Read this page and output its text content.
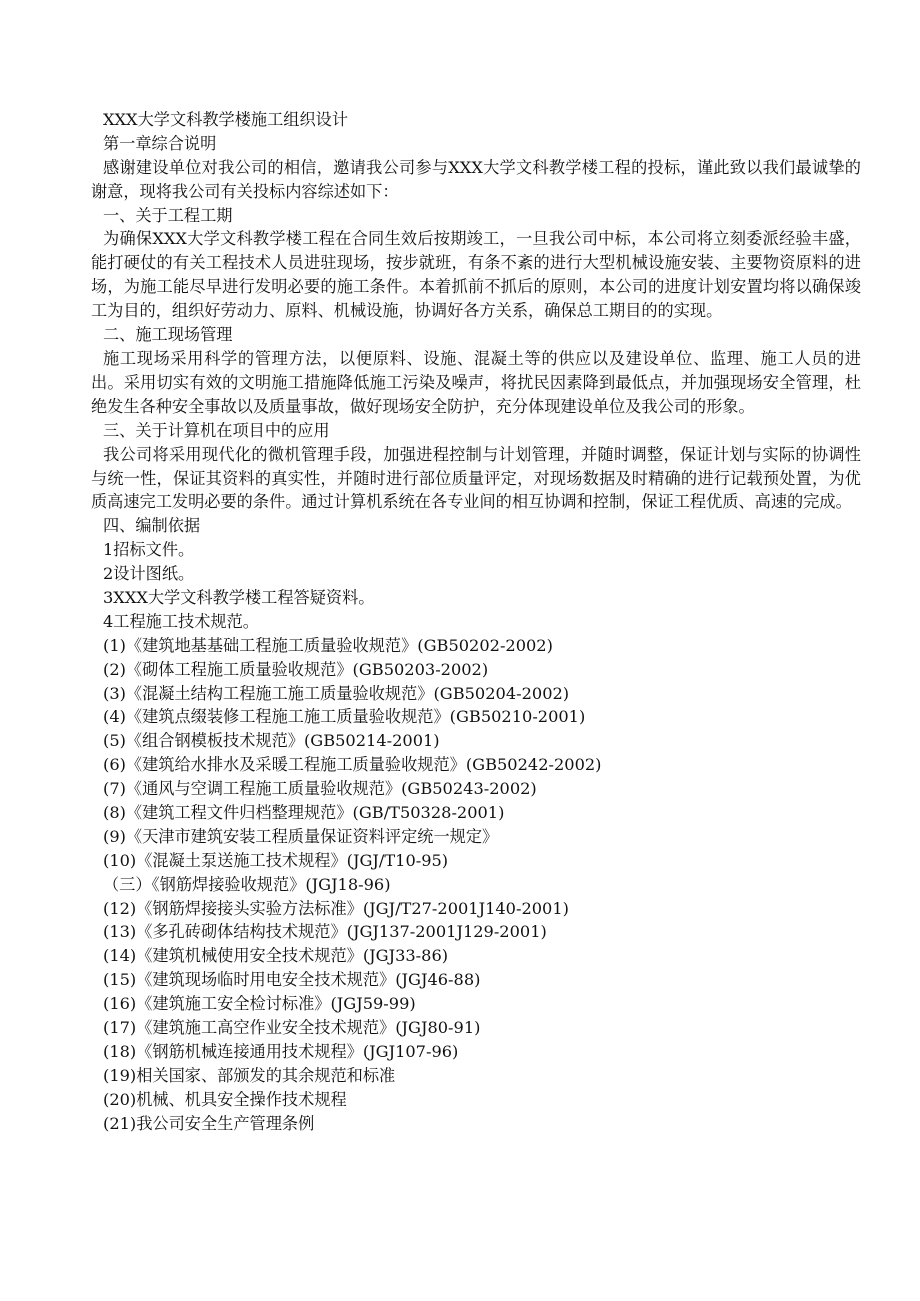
XXX大学文科教学楼施工组织设计
第一章综合说明
感谢建设单位对我公司的相信，邀请我公司参与XXX大学文科教学楼工程的投标，谨此致以我们最诚挚的谢意，现将我公司有关投标内容综述如下：
一、关于工程工期
为确保XXX大学文科教学楼工程在合同生效后按期竣工，一旦我公司中标，本公司将立刻委派经验丰盛，能打硬仗的有关工程技术人员进驻现场，按步就班，有条不紊的进行大型机械设施安装、主要物资原料的进场，为施工能尽早进行发明必要的施工条件。本着抓前不抓后的原则，本公司的进度计划安置均将以确保竣工为目的，组织好劳动力、原料、机械设施，协调好各方关系，确保总工期目的的实现。
二、施工现场管理
施工现场采用科学的管理方法，以便原料、设施、混凝土等的供应以及建设单位、监理、施工人员的进出。采用切实有效的文明施工措施降低施工污染及噪声，将扰民因素降到最低点，并加强现场安全管理，杜绝发生各种安全事故以及质量事故，做好现场安全防护，充分体现建设单位及我公司的形象。
三、关于计算机在项目中的应用
我公司将采用现代化的微机管理手段，加强进程控制与计划管理，并随时调整，保证计划与实际的协调性与统一性，保证其资料的真实性，并随时进行部位质量评定，对现场数据及时精确的进行记载预处置，为优质高速完工发明必要的条件。通过计算机系统在各专业间的相互协调和控制，保证工程优质、高速的完成。
四、编制依据
1招标文件。
2设计图纸。
3XXX大学文科教学楼工程答疑资料。
4工程施工技术规范。
(1)《建筑地基基础工程施工质量验收规范》(GB50202-2002)
(2)《砌体工程施工质量验收规范》(GB50203-2002)
(3)《混凝土结构工程施工施工质量验收规范》(GB50204-2002)
(4)《建筑点缀装修工程施工施工质量验收规范》(GB50210-2001)
(5)《组合钢模板技术规范》(GB50214-2001)
(6)《建筑给水排水及采暖工程施工质量验收规范》(GB50242-2002)
(7)《通风与空调工程施工质量验收规范》(GB50243-2002)
(8)《建筑工程文件归档整理规范》(GB/T50328-2001)
(9)《天津市建筑安装工程质量保证资料评定统一规定》
(10)《混凝土泵送施工技术规程》(JGJ/T10-95)
（三）《钢筋焊接验收规范》(JGJ18-96)
(12)《钢筋焊接接头实验方法标准》(JGJ/T27-2001J140-2001)
(13)《多孔砖砌体结构技术规范》(JGJ137-2001J129-2001)
(14)《建筑机械使用安全技术规范》(JGJ33-86)
(15)《建筑现场临时用电安全技术规范》(JGJ46-88)
(16)《建筑施工安全检讨标准》(JGJ59-99)
(17)《建筑施工高空作业安全技术规范》(JGJ80-91)
(18)《钢筋机械连接通用技术规程》(JGJ107-96)
(19)相关国家、部颁发的其余规范和标准
(20)机械、机具安全操作技术规程
(21)我公司安全生产管理条例
